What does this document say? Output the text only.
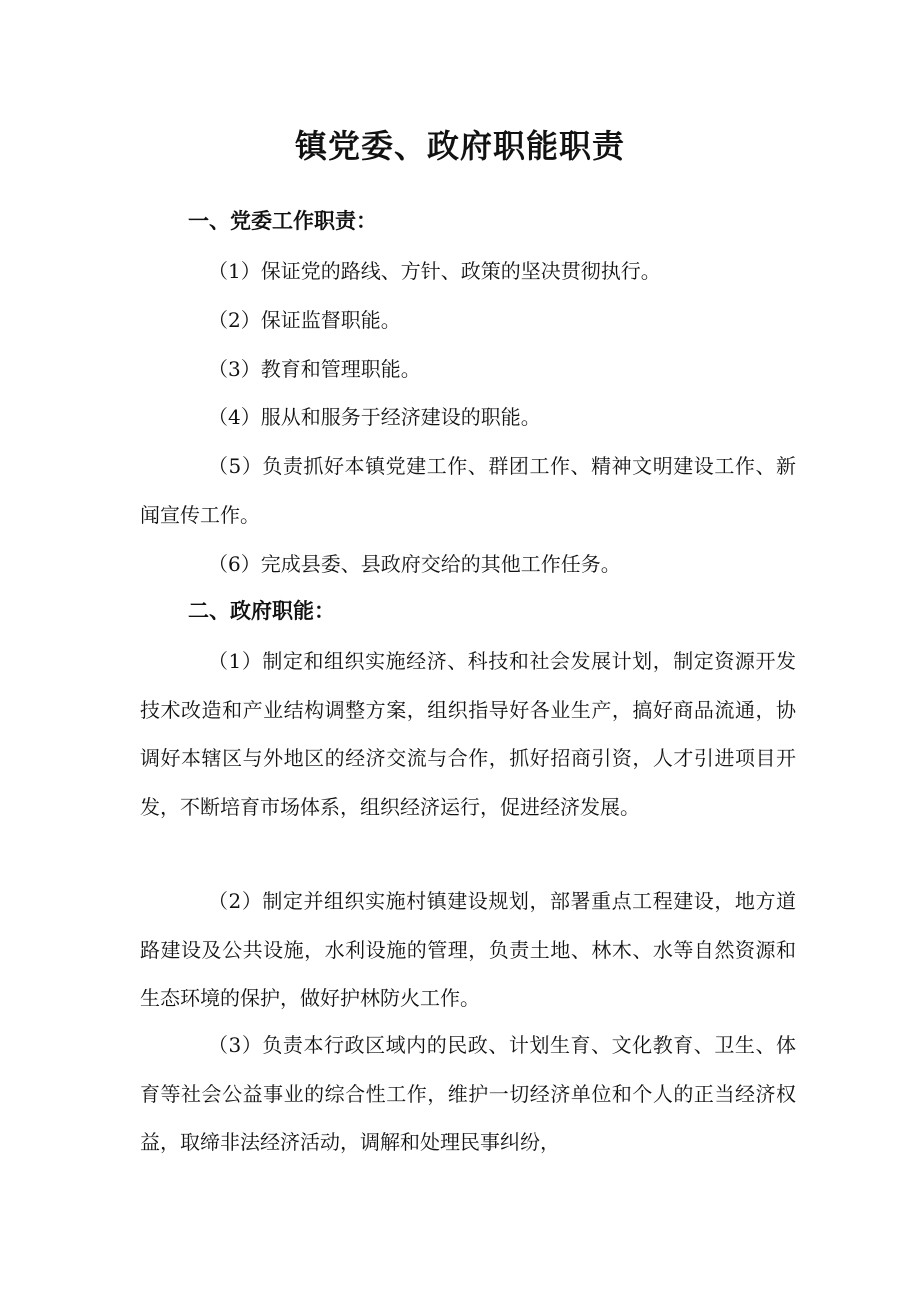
镇党委、政府职能职责
一、党委工作职责：

（1）保证党的路线、方针、政策的坚决贯彻执行。

（2）保证监督职能。

（3）教育和管理职能。

（4）服从和服务于经济建设的职能。

（5）负责抓好本镇党建工作、群团工作、精神文明建设工作、新闻宣传工作。

（6）完成县委、县政府交给的其他工作任务。

二、政府职能：

（1）制定和组织实施经济、科技和社会发展计划，制定资源开发技术改造和产业结构调整方案，组织指导好各业生产，搞好商品流通，协调好本辖区与外地区的经济交流与合作，抓好招商引资，人才引进项目开发，不断培育市场体系，组织经济运行，促进经济发展。

（2）制定并组织实施村镇建设规划，部署重点工程建设，地方道路建设及公共设施，水利设施的管理，负责土地、林木、水等自然资源和生态环境的保护，做好护林防火工作。

（3）负责本行政区域内的民政、计划生育、文化教育、卫生、体育等社会公益事业的综合性工作，维护一切经济单位和个人的正当经济权益，取缔非法经济活动，调解和处理民事纠纷，
